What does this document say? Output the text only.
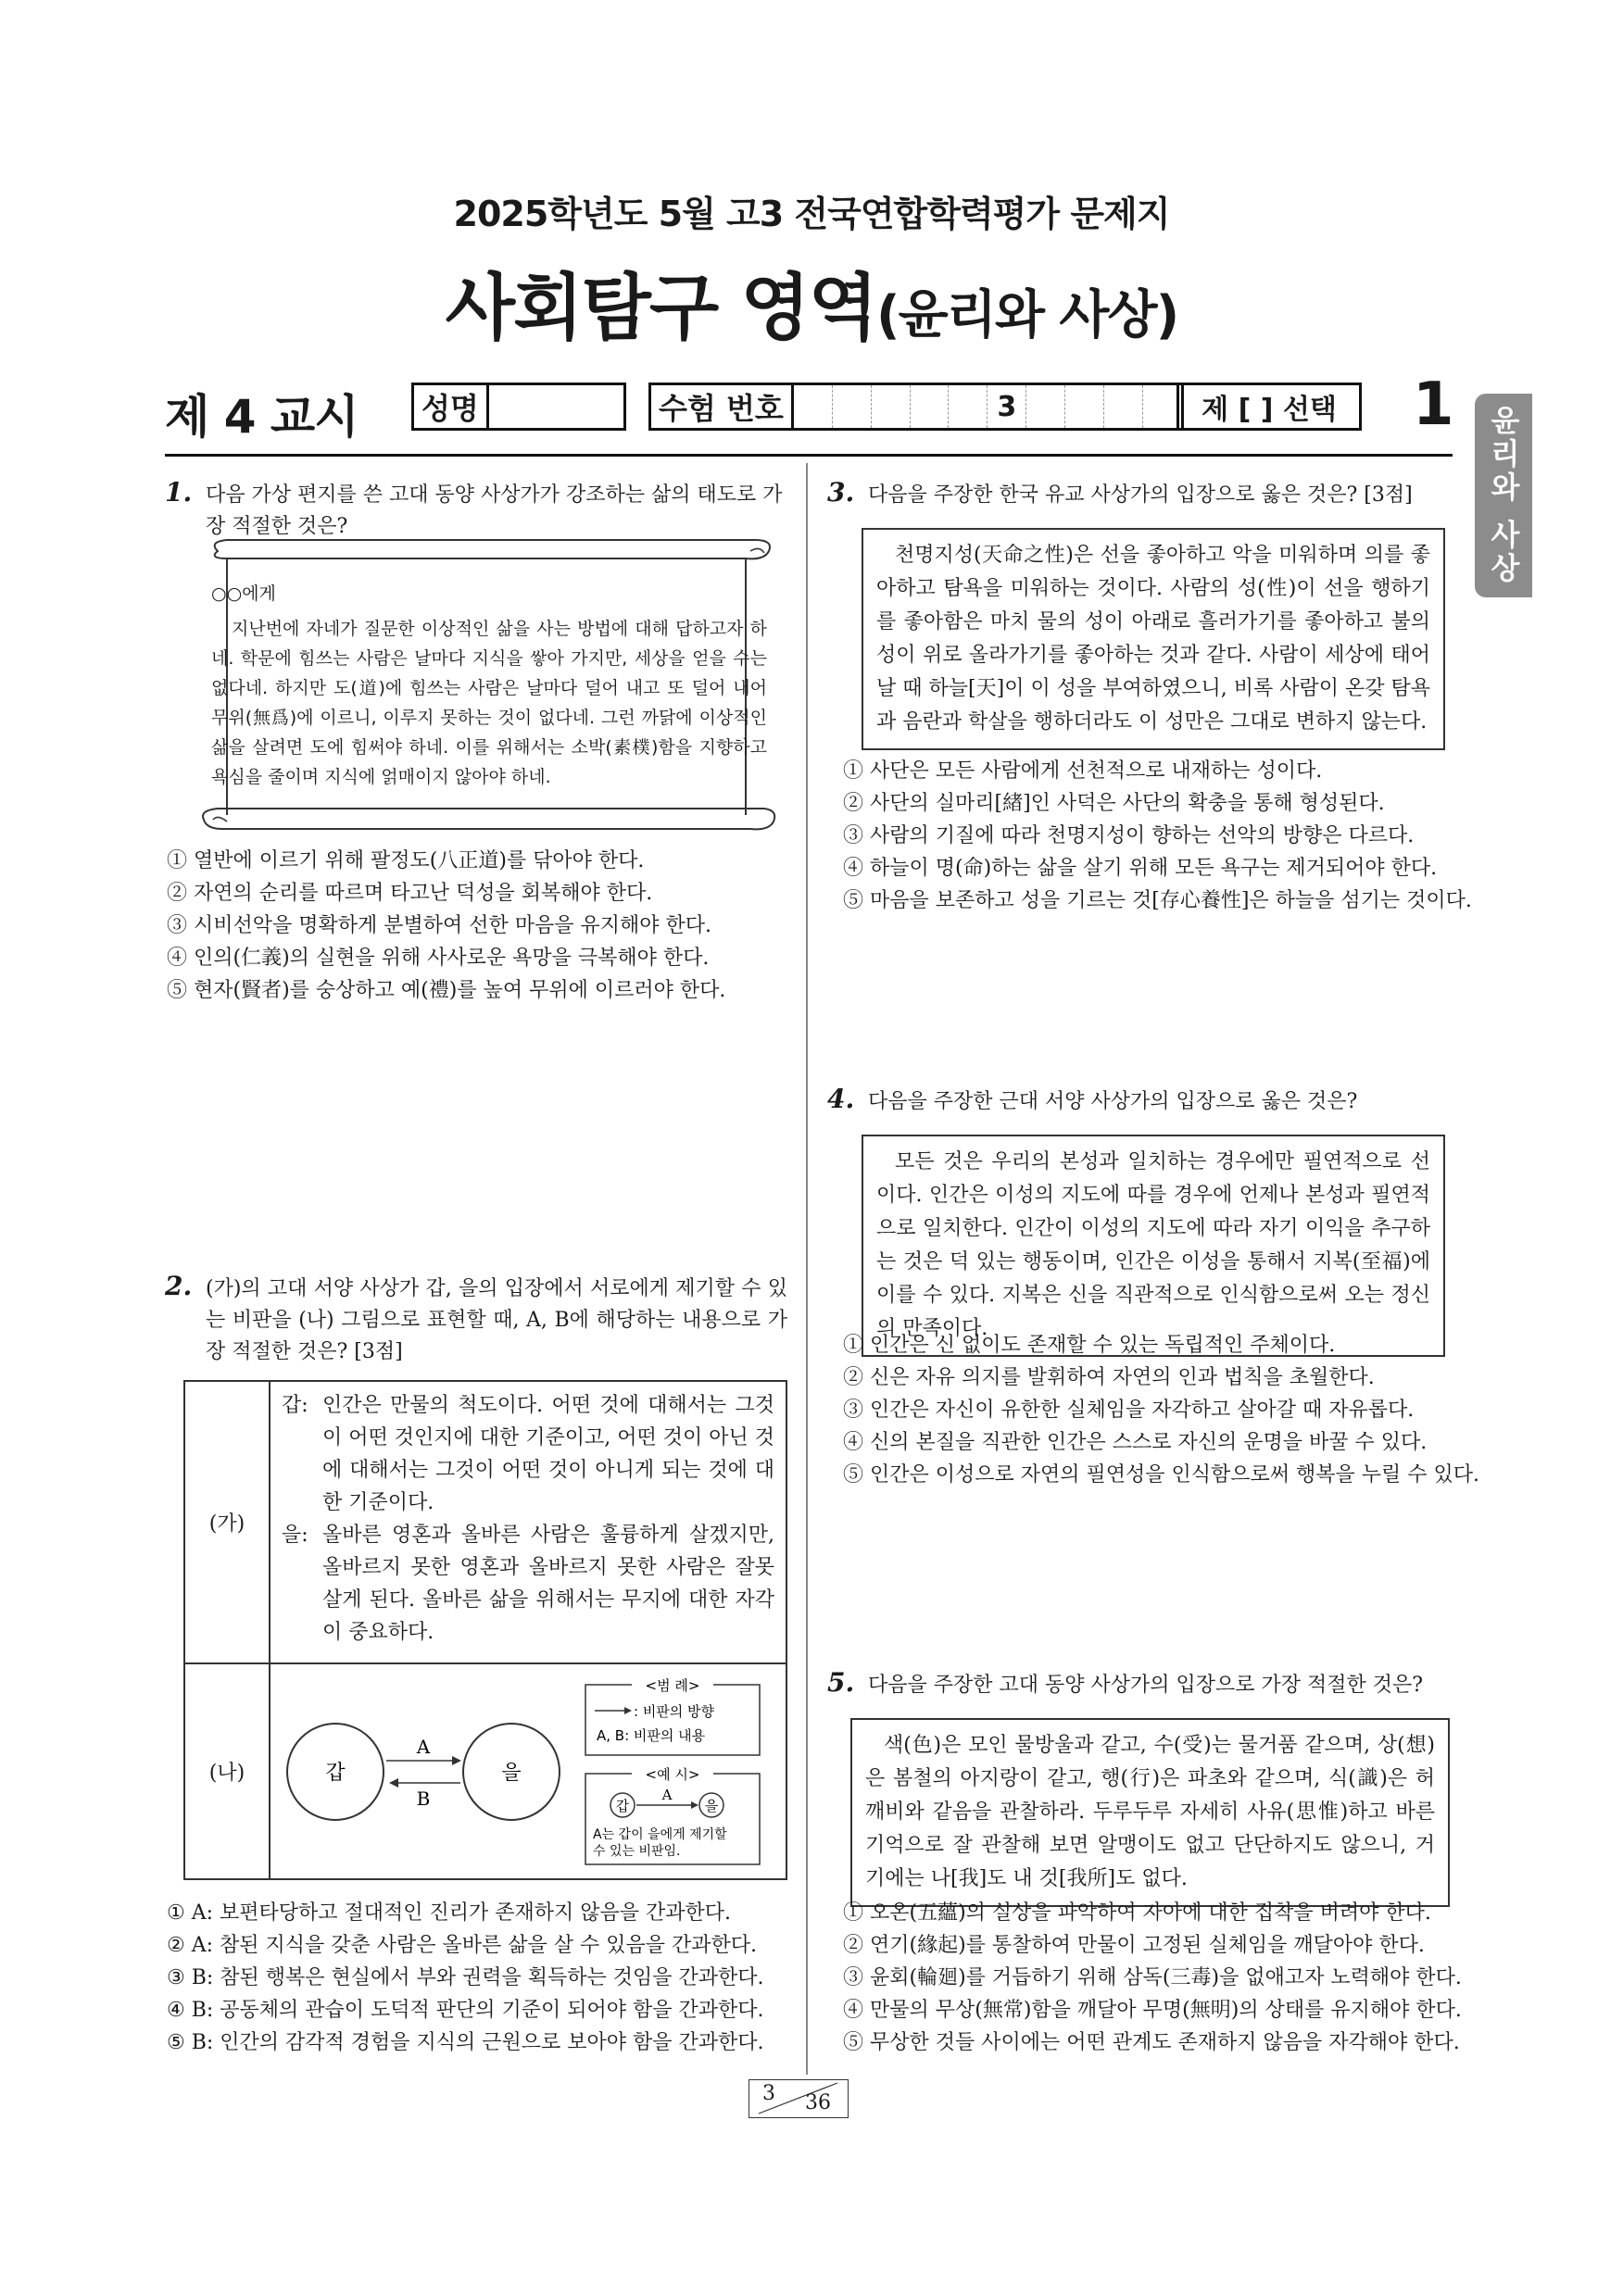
2025학년도 5월 고3 전국연합학력평가 문제지
사회탐구 영역(윤리와 사상)
제 4 교시 성명	수험 번호	3	제 [ ] 선택	1
윤리와 사상
1. 다음 가상 편지를 쓴 고대 동양 사상가가 강조하는 삶의 태도로 가장 적절한 것은?
○○에게
지난번에 자네가 질문한 이상적인 삶을 사는 방법에 대해 답하고자 하네. 학문에 힘쓰는 사람은 날마다 지식을 쌓아 가지만, 세상을 얻을 수는 없다네. 하지만 도(道)에 힘쓰는 사람은 날마다 덜어 내고 또 덜어 내어 무위(無爲)에 이르니, 이루지 못하는 것이 없다네. 그런 까닭에 이상적인 삶을 살려면 도에 힘써야 하네. 이를 위해서는 소박(素樸)함을 지향하고 욕심을 줄이며 지식에 얽매이지 않아야 하네.
① 열반에 이르기 위해 팔정도(八正道)를 닦아야 한다.
② 자연의 순리를 따르며 타고난 덕성을 회복해야 한다.
③ 시비선악을 명확하게 분별하여 선한 마음을 유지해야 한다.
④ 인의(仁義)의 실현을 위해 사사로운 욕망을 극복해야 한다.
⑤ 현자(賢者)를 숭상하고 예(禮)를 높여 무위에 이르러야 한다.
2. (가)의 고대 서양 사상가 갑, 을의 입장에서 서로에게 제기할 수 있는 비판을 (나) 그림으로 표현할 때, A, B에 해당하는 내용으로 가장 적절한 것은? [3점]
(가)
갑: 인간은 만물의 척도이다. 어떤 것에 대해서는 그것이 어떤 것인지에 대한 기준이고, 어떤 것이 아닌 것에 대해서는 그것이 어떤 것이 아니게 되는 것에 대한 기준이다.
을: 올바른 영혼과 올바른 사람은 훌륭하게 살겠지만, 올바르지 못한 영혼과 올바르지 못한 사람은 잘못 살게 된다. 올바른 삶을 위해서는 무지에 대한 자각이 중요하다.
(나)	갑	을
A
B
<범 례>
: 비판의 방향
A, B: 비판의 내용
<예 시>
갑	을
A
A는 갑이 을에게 제기할
수 있는 비판임.
① A: 보편타당하고 절대적인 진리가 존재하지 않음을 간과한다.
② A: 참된 지식을 갖춘 사람은 올바른 삶을 살 수 있음을 간과한다.
③ B: 참된 행복은 현실에서 부와 권력을 획득하는 것임을 간과한다.
④ B: 공동체의 관습이 도덕적 판단의 기준이 되어야 함을 간과한다.
⑤ B: 인간의 감각적 경험을 지식의 근원으로 보아야 함을 간과한다.
3. 다음을 주장한 한국 유교 사상가의 입장으로 옳은 것은? [3점]
천명지성(天命之性)은 선을 좋아하고 악을 미워하며 의를 좋아하고 탐욕을 미워하는 것이다. 사람의 성(性)이 선을 행하기를 좋아함은 마치 물의 성이 아래로 흘러가기를 좋아하고 불의 성이 위로 올라가기를 좋아하는 것과 같다. 사람이 세상에 태어날 때 하늘[天]이 이 성을 부여하였으니, 비록 사람이 온갖 탐욕과 음란과 학살을 행하더라도 이 성만은 그대로 변하지 않는다.
① 사단은 모든 사람에게 선천적으로 내재하는 성이다.
② 사단의 실마리[緖]인 사덕은 사단의 확충을 통해 형성된다.
③ 사람의 기질에 따라 천명지성이 향하는 선악의 방향은 다르다.
④ 하늘이 명(命)하는 삶을 살기 위해 모든 욕구는 제거되어야 한다.
⑤ 마음을 보존하고 성을 기르는 것[存心養性]은 하늘을 섬기는 것이다.
4. 다음을 주장한 근대 서양 사상가의 입장으로 옳은 것은?
모든 것은 우리의 본성과 일치하는 경우에만 필연적으로 선이다. 인간은 이성의 지도에 따를 경우에 언제나 본성과 필연적으로 일치한다. 인간이 이성의 지도에 따라 자기 이익을 추구하는 것은 덕 있는 행동이며, 인간은 이성을 통해서 지복(至福)에 이를 수 있다. 지복은 신을 직관적으로 인식함으로써 오는 정신의 만족이다.
① 인간은 신 없이도 존재할 수 있는 독립적인 주체이다.
② 신은 자유 의지를 발휘하여 자연의 인과 법칙을 초월한다.
③ 인간은 자신이 유한한 실체임을 자각하고 살아갈 때 자유롭다.
④ 신의 본질을 직관한 인간은 스스로 자신의 운명을 바꿀 수 있다.
⑤ 인간은 이성으로 자연의 필연성을 인식함으로써 행복을 누릴 수 있다.
5. 다음을 주장한 고대 동양 사상가의 입장으로 가장 적절한 것은?
색(色)은 모인 물방울과 같고, 수(受)는 물거품 같으며, 상(想)은 봄철의 아지랑이 같고, 행(行)은 파초와 같으며, 식(識)은 허깨비와 같음을 관찰하라. 두루두루 자세히 사유(思惟)하고 바른 기억으로 잘 관찰해 보면 알맹이도 없고 단단하지도 않으니, 거기에는 나[我]도 내 것[我所]도 없다.
① 오온(五蘊)의 실상을 파악하여 자아에 대한 집착을 버려야 한다.
② 연기(緣起)를 통찰하여 만물이 고정된 실체임을 깨달아야 한다.
③ 윤회(輪廻)를 거듭하기 위해 삼독(三毒)을 없애고자 노력해야 한다.
④ 만물의 무상(無常)함을 깨달아 무명(無明)의 상태를 유지해야 한다.
⑤ 무상한 것들 사이에는 어떤 관계도 존재하지 않음을 자각해야 한다.
3 36
